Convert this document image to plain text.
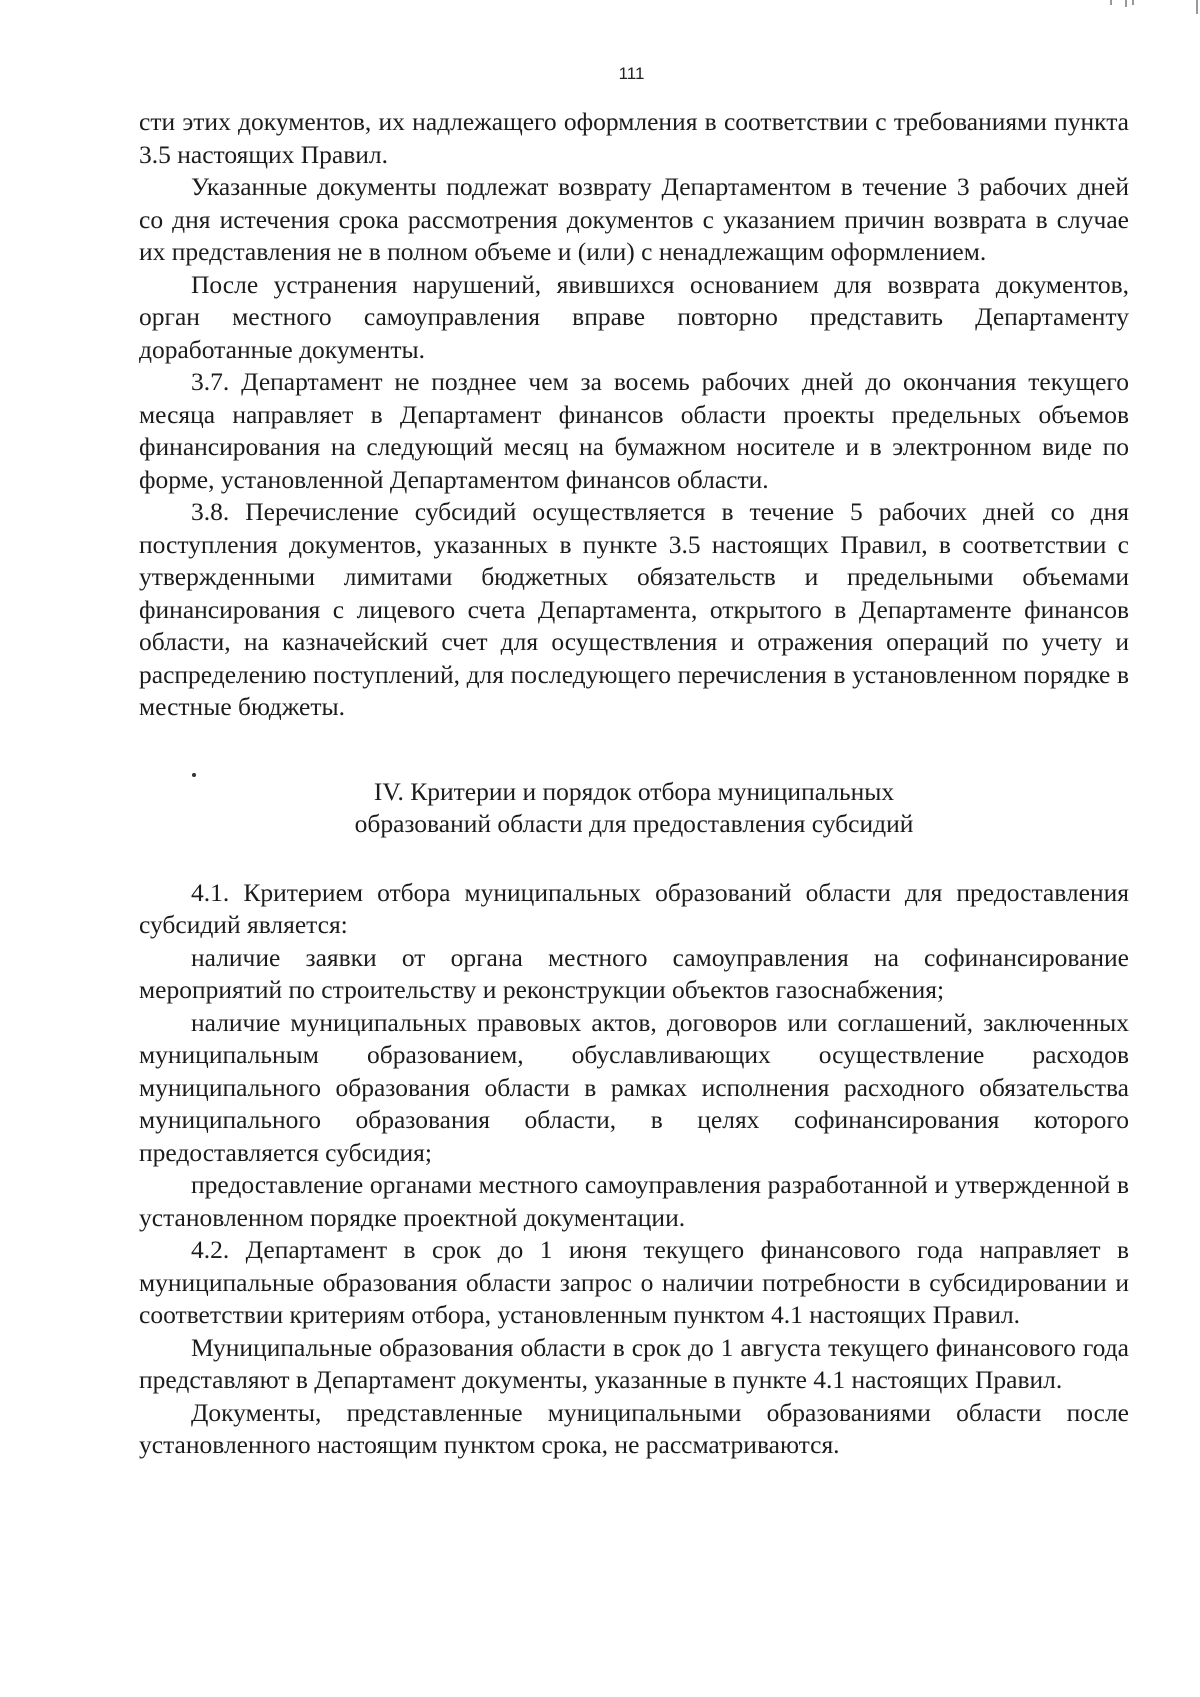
111

сти этих документов, их надлежащего оформления в соответствии с требованиями пункта 3.5 настоящих Правил.

Указанные документы подлежат возврату Департаментом в течение 3 рабочих дней со дня истечения срока рассмотрения документов с указанием причин возврата в случае их представления не в полном объеме и (или) с ненадлежащим оформлением.

После устранения нарушений, явившихся основанием для возврата документов, орган местного самоуправления вправе повторно представить Департаменту доработанные документы.

3.7. Департамент не позднее чем за восемь рабочих дней до окончания текущего месяца направляет в Департамент финансов области проекты предельных объемов финансирования на следующий месяц на бумажном носителе и в электронном виде по форме, установленной Департаментом финансов области.

3.8. Перечисление субсидий осуществляется в течение 5 рабочих дней со дня поступления документов, указанных в пункте 3.5 настоящих Правил, в соответствии с утвержденными лимитами бюджетных обязательств и предельными объемами финансирования с лицевого счета Департамента, открытого в Департаменте финансов области, на казначейский счет для осуществления и отражения операций по учету и распределению поступлений, для последующего перечисления в установленном порядке в местные бюджеты.

IV. Критерии и порядок отбора муниципальных
образований области для предоставления субсидий

4.1. Критерием отбора муниципальных образований области для предоставления субсидий является:

наличие заявки от органа местного самоуправления на софинансирование мероприятий по строительству и реконструкции объектов газоснабжения;

наличие муниципальных правовых актов, договоров или соглашений, заключенных муниципальным образованием, обуславливающих осуществление расходов муниципального образования области в рамках исполнения расходного обязательства муниципального образования области, в целях софинансирования которого предоставляется субсидия;

предоставление органами местного самоуправления разработанной и утвержденной в установленном порядке проектной документации.

4.2. Департамент в срок до 1 июня текущего финансового года направляет в муниципальные образования области запрос о наличии потребности в субсидировании и соответствии критериям отбора, установленным пунктом 4.1 настоящих Правил.

Муниципальные образования области в срок до 1 августа текущего финансового года представляют в Департамент документы, указанные в пункте 4.1 настоящих Правил.

Документы, представленные муниципальными образованиями области после установленного настоящим пунктом срока, не рассматриваются.
